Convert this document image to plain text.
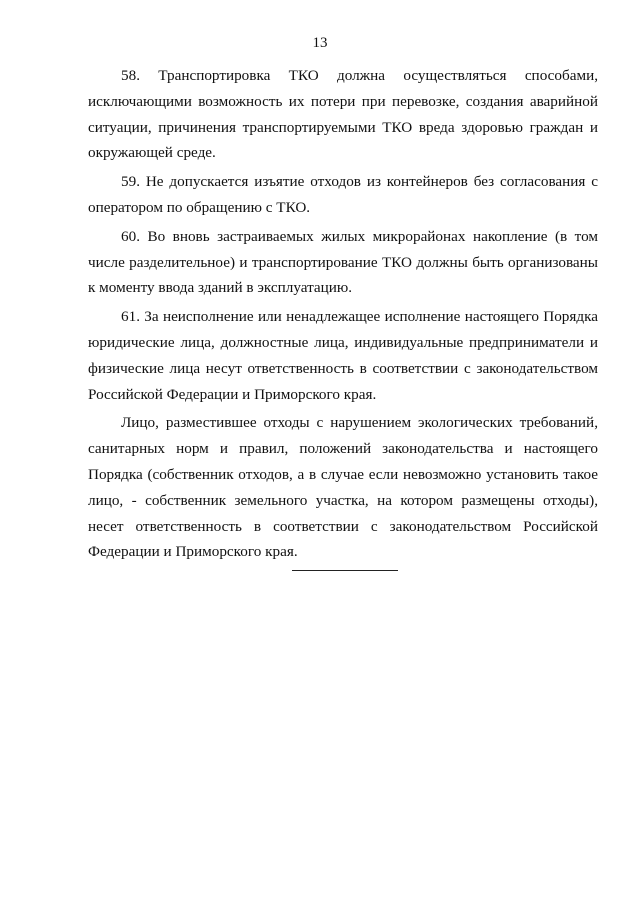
13

58. Транспортировка ТКО должна осуществляться способами, исключающими возможность их потери при перевозке, создания аварийной ситуации, причинения транспортируемыми ТКО вреда здоровью граждан и окружающей среде.

59. Не допускается изъятие отходов из контейнеров без согласования с оператором по обращению с ТКО.

60. Во вновь застраиваемых жилых микрорайонах накопление (в том числе разделительное) и транспортирование ТКО должны быть организованы к моменту ввода зданий в эксплуатацию.

61. За неисполнение или ненадлежащее исполнение настоящего Порядка юридические лица, должностные лица, индивидуальные предприниматели и физические лица несут ответственность в соответствии с законодательством Российской Федерации и Приморского края.

Лицо, разместившее отходы с нарушением экологических требований, санитарных норм и правил, положений законодательства и настоящего Порядка (собственник отходов, а в случае если невозможно установить такое лицо, - собственник земельного участка, на котором размещены отходы), несет ответственность в соответствии с законодательством Российской Федерации и Приморского края.
